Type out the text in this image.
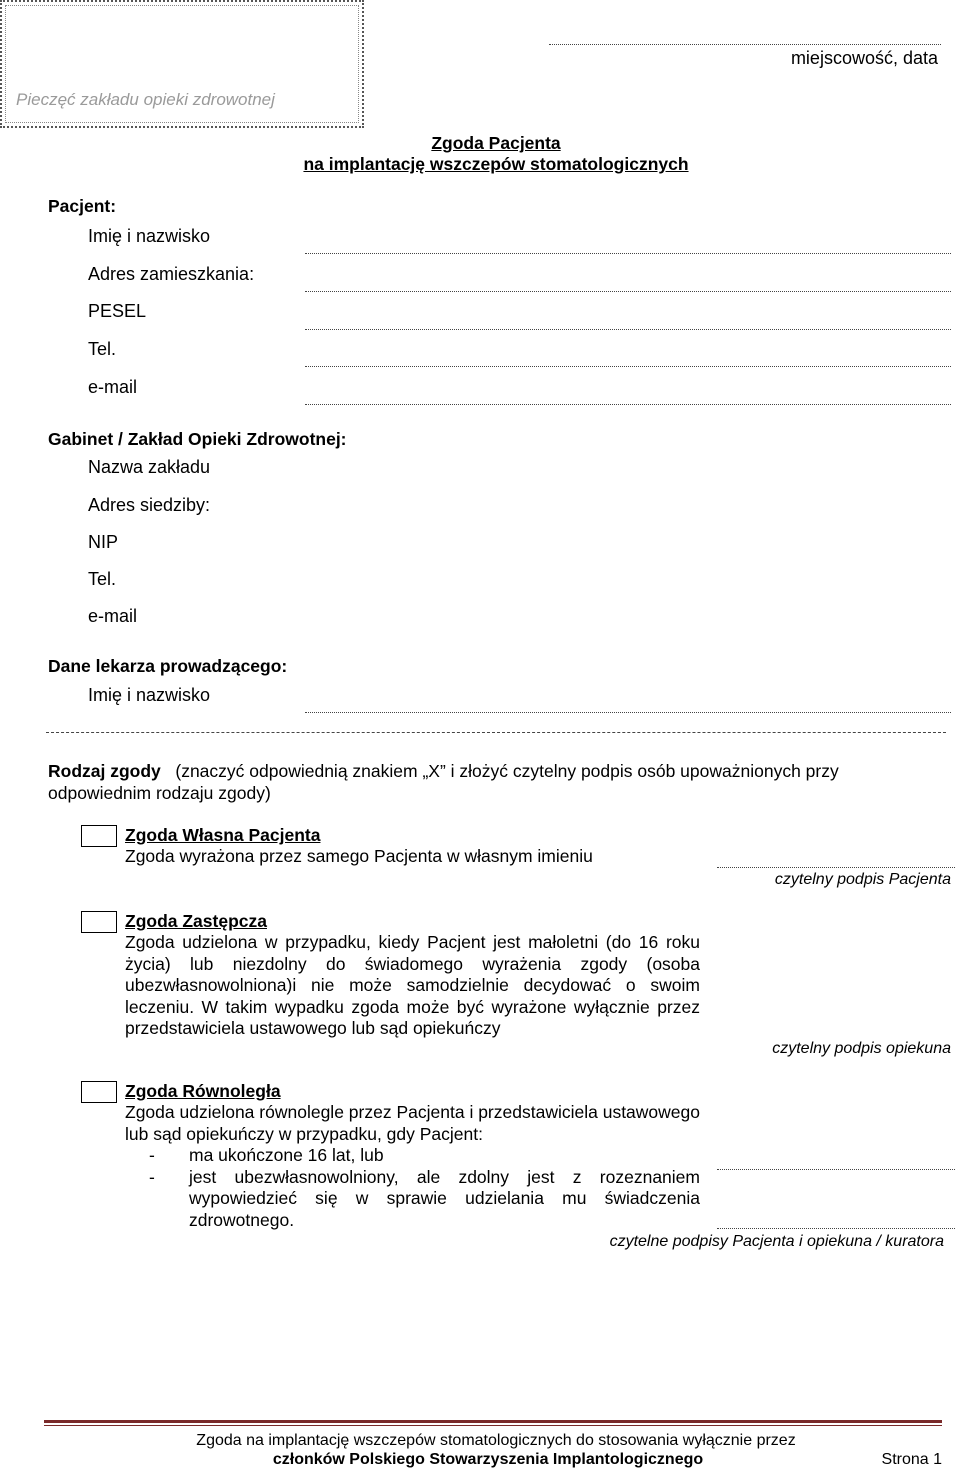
Pieczęć zakładu opieki zdrowotnej
miejscowość, data
Zgoda Pacjenta
na implantację wszczepów stomatologicznych
Pacjent:
Imię i nazwisko
Adres zamieszkania:
PESEL
Tel.
e-mail
Gabinet / Zakład Opieki Zdrowotnej:
Nazwa zakładu
Adres siedziby:
NIP
Tel.
e-mail
Dane lekarza prowadzącego:
Imię i nazwisko
Rodzaj zgody (znaczyć odpowiednią znakiem „X” i złożyć czytelny podpis osób upoważnionych przy odpowiednim rodzaju zgody)
Zgoda Własna Pacjenta
Zgoda wyrażona przez samego Pacjenta w własnym imieniu
czytelny podpis Pacjenta
Zgoda Zastępcza
Zgoda udzielona w przypadku, kiedy Pacjent jest małoletni (do 16 roku życia) lub niezdolny do świadomego wyrażenia zgody (osoba ubezwłasnowolniona)i nie może samodzielnie decydować o swoim leczeniu. W takim wypadku zgoda może być wyrażone wyłącznie przez przedstawiciela ustawowego lub sąd opiekuńczy
czytelny podpis opiekuna
Zgoda Równoległa
Zgoda udzielona równolegle przez Pacjenta i przedstawiciela ustawowego lub sąd opiekuńczy w przypadku, gdy Pacjent:
- ma ukończone 16 lat, lub
- jest ubezwłasnowolniony, ale zdolny jest z rozeznaniem wypowiedzieć się w sprawie udzielania mu świadczenia zdrowotnego.
czytelne podpisy Pacjenta i opiekuna / kuratora
Zgoda na implantację wszczepów stomatologicznych do stosowania wyłącznie przez
członków Polskiego Stowarzyszenia Implantologicznego	Strona 1
